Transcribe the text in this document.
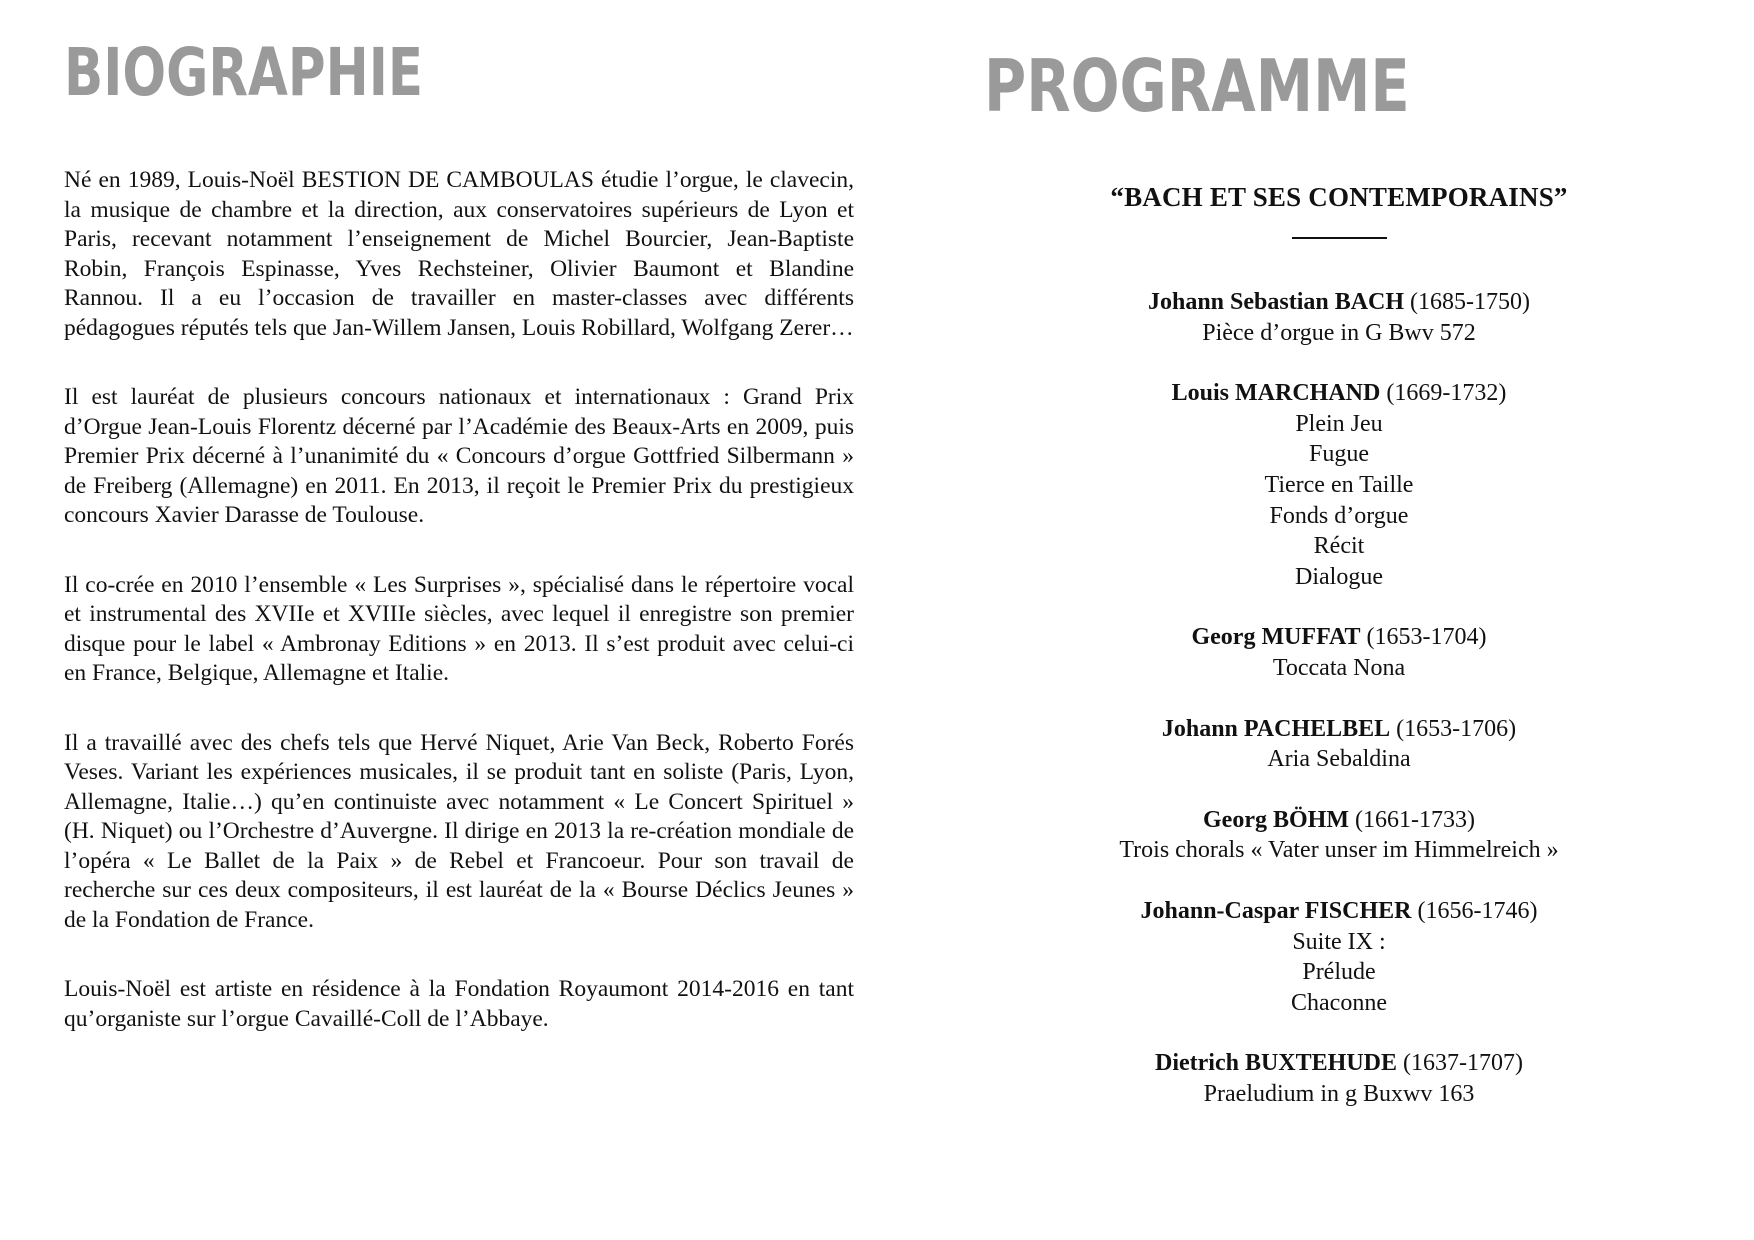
BIOGRAPHIE

Né en 1989, Louis-Noël BESTION DE CAMBOULAS étudie l’orgue, le clavecin, la musique de chambre et la direction, aux conservatoires supérieurs de Lyon et Paris, recevant notamment l’enseignement de Michel Bourcier, Jean-Baptiste Robin, François Espinasse, Yves Rechsteiner, Olivier Baumont et Blandine Rannou. Il a eu l’occasion de travailler en master-classes avec différents pédagogues réputés tels que Jan-Willem Jansen, Louis Robillard, Wolfgang Zerer…

Il est lauréat de plusieurs concours nationaux et internationaux : Grand Prix d’Orgue Jean-Louis Florentz décerné par l’Académie des Beaux-Arts en 2009, puis Premier Prix décerné à l’unanimité du « Concours d’orgue Gottfried Silbermann » de Freiberg (Allemagne) en 2011. En 2013, il reçoit le Premier Prix du prestigieux concours Xavier Darasse de Toulouse.

Il co-crée en 2010 l’ensemble « Les Surprises », spécialisé dans le répertoire vocal et instrumental des XVIIe et XVIIIe siècles, avec lequel il enregistre son premier disque pour le label « Ambronay Editions » en 2013. Il s’est produit avec celui-ci en France, Belgique, Allemagne et Italie.

Il a travaillé avec des chefs tels que Hervé Niquet, Arie Van Beck, Roberto Forés Veses. Variant les expériences musicales, il se produit tant en soliste (Paris, Lyon, Allemagne, Italie…) qu’en continuiste avec notamment « Le Concert Spirituel » (H. Niquet) ou l’Orchestre d’Auvergne. Il dirige en 2013 la re-création mondiale de l’opéra « Le Ballet de la Paix » de Rebel et Francoeur. Pour son travail de recherche sur ces deux compositeurs, il est lauréat de la « Bourse Déclics Jeunes » de la Fondation de France.

Louis-Noël est artiste en résidence à la Fondation Royaumont 2014-2016 en tant qu’organiste sur l’orgue Cavaillé-Coll de l’Abbaye.

PROGRAMME
“BACH ET SES CONTEMPORAINS”
Johann Sebastian BACH (1685-1750)
Pièce d’orgue in G Bwv 572
Louis MARCHAND (1669-1732)
Plein Jeu
Fugue
Tierce en Taille
Fonds d’orgue
Récit
Dialogue
Georg MUFFAT (1653-1704)
Toccata Nona
Johann PACHELBEL (1653-1706)
Aria Sebaldina
Georg BÖHM (1661-1733)
Trois chorals « Vater unser im Himmelreich »
Johann-Caspar FISCHER (1656-1746)
Suite IX :
Prélude
Chaconne
Dietrich BUXTEHUDE (1637-1707)
Praeludium in g Buxwv 163
